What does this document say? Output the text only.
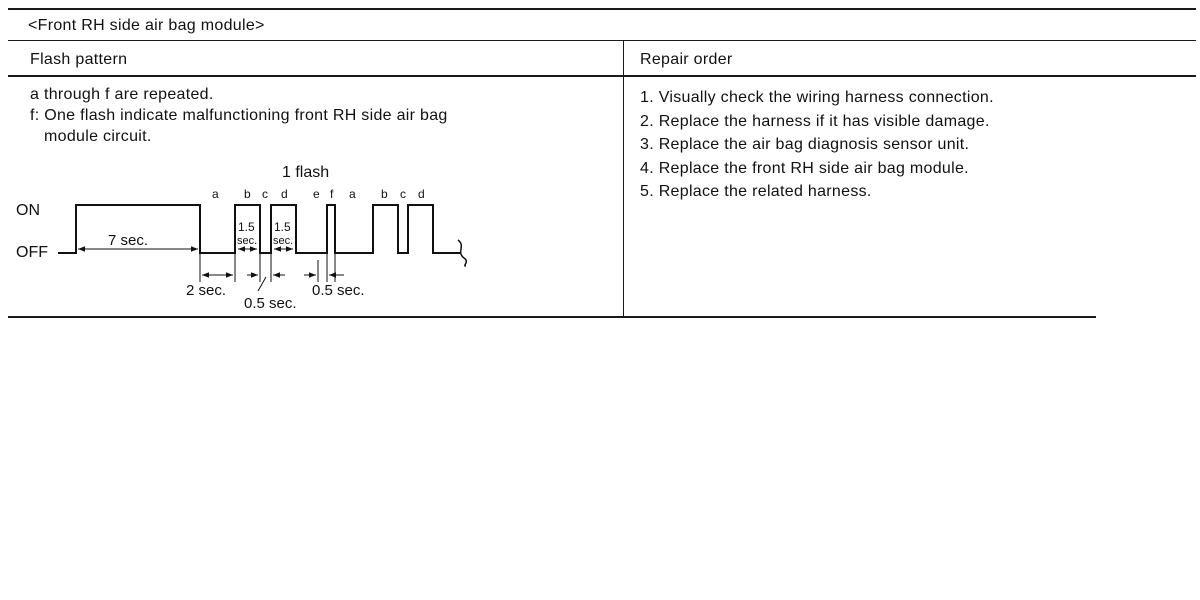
<Front RH side air bag module>
Flash pattern	Repair order
a through f are repeated.
f: One flash indicate malfunctioning front RH side air bag
module circuit.
1. Visually check the wiring harness connection.
2. Replace the harness if it has visible damage.
3. Replace the air bag diagnosis sensor unit.
4. Replace the front RH side air bag module.
5. Replace the related harness.
ON
OFF
1 flash
a b c d e f a b c d
1.5
sec.
1.5
sec.
7 sec.
2 sec.
0.5 sec.
0.5 sec.
